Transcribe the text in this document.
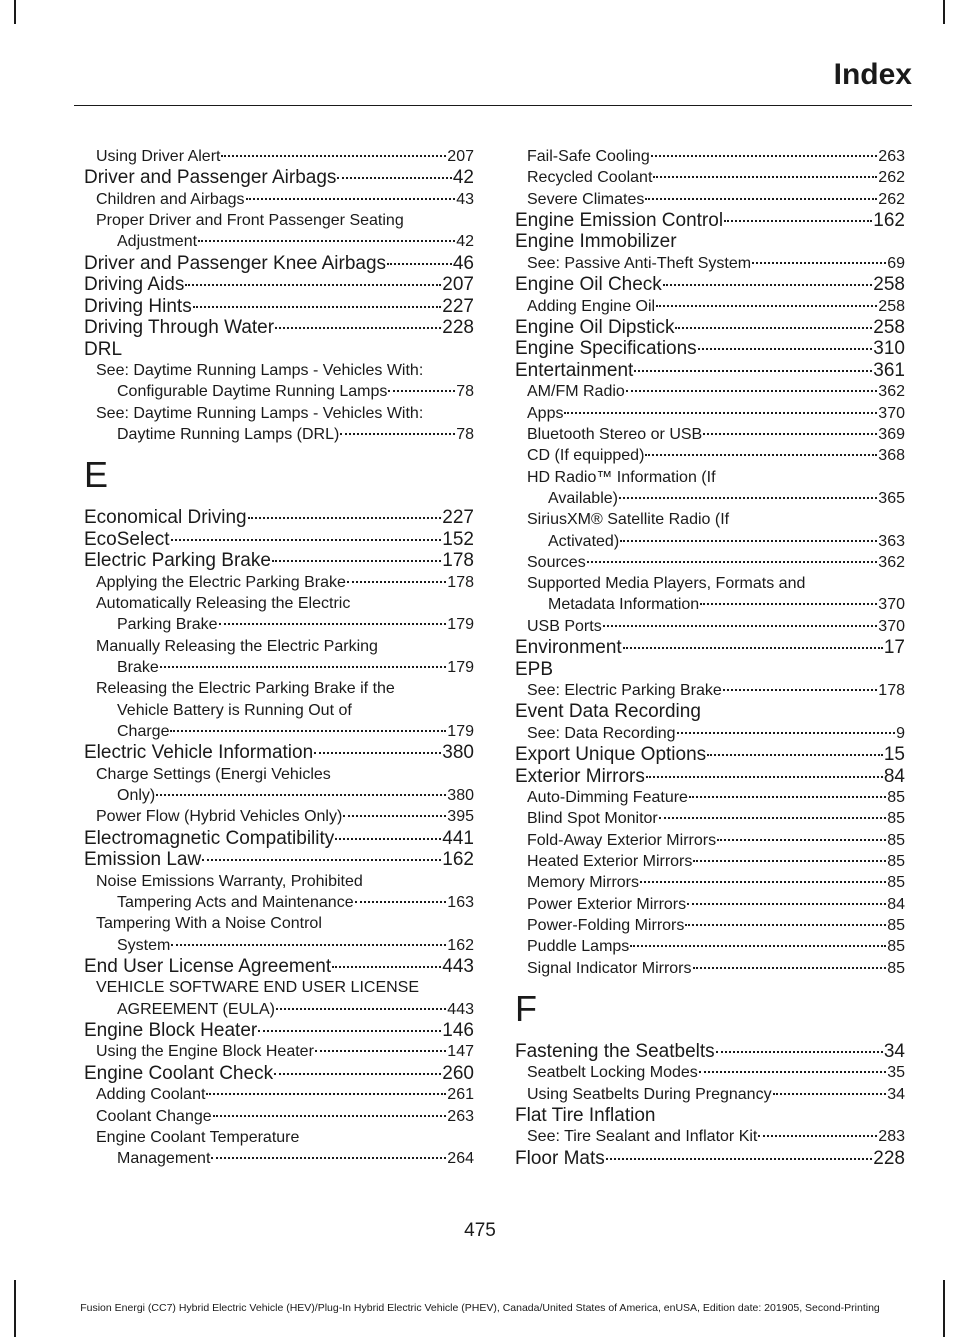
Index
Using Driver Alert	207
Driver and Passenger Airbags	42
Children and Airbags	43
Proper Driver and Front Passenger Seating
Adjustment	42
Driver and Passenger Knee Airbags	46
Driving Aids	207
Driving Hints	227
Driving Through Water	228
DRL
See: Daytime Running Lamps - Vehicles With:
Configurable Daytime Running Lamps	78
See: Daytime Running Lamps - Vehicles With:
Daytime Running Lamps (DRL)	78
E
Economical Driving	227
EcoSelect	152
Electric Parking Brake	178
Applying the Electric Parking Brake	178
Automatically Releasing the Electric
Parking Brake	179
Manually Releasing the Electric Parking
Brake	179
Releasing the Electric Parking Brake if the
Vehicle Battery is Running Out of
Charge	179
Electric Vehicle Information	380
Charge Settings (Energi Vehicles
Only)	380
Power Flow (Hybrid Vehicles Only)	395
Electromagnetic Compatibility	441
Emission Law	162
Noise Emissions Warranty, Prohibited
Tampering Acts and Maintenance	163
Tampering With a Noise Control
System	162
End User License Agreement	443
VEHICLE SOFTWARE END USER LICENSE
AGREEMENT (EULA)	443
Engine Block Heater	146
Using the Engine Block Heater	147
Engine Coolant Check	260
Adding Coolant	261
Coolant Change	263
Engine Coolant Temperature
Management	264
Fail-Safe Cooling	263
Recycled Coolant	262
Severe Climates	262
Engine Emission Control	162
Engine Immobilizer
See: Passive Anti-Theft System	69
Engine Oil Check	258
Adding Engine Oil	258
Engine Oil Dipstick	258
Engine Specifications	310
Entertainment	361
AM/FM Radio	362
Apps	370
Bluetooth Stereo or USB	369
CD (If equipped)	368
HD Radio™ Information (If
Available)	365
SiriusXM® Satellite Radio (If
Activated)	363
Sources	362
Supported Media Players, Formats and
Metadata Information	370
USB Ports	370
Environment	17
EPB
See: Electric Parking Brake	178
Event Data Recording
See: Data Recording	9
Export Unique Options	15
Exterior Mirrors	84
Auto-Dimming Feature	85
Blind Spot Monitor	85
Fold-Away Exterior Mirrors	85
Heated Exterior Mirrors	85
Memory Mirrors	85
Power Exterior Mirrors	84
Power-Folding Mirrors	85
Puddle Lamps	85
Signal Indicator Mirrors	85
F
Fastening the Seatbelts	34
Seatbelt Locking Modes	35
Using Seatbelts During Pregnancy	34
Flat Tire Inflation
See: Tire Sealant and Inflator Kit	283
Floor Mats	228

475

Fusion Energi (CC7) Hybrid Electric Vehicle (HEV)/Plug-In Hybrid Electric Vehicle (PHEV), Canada/United States of America, enUSA, Edition date: 201905, Second-Printing
